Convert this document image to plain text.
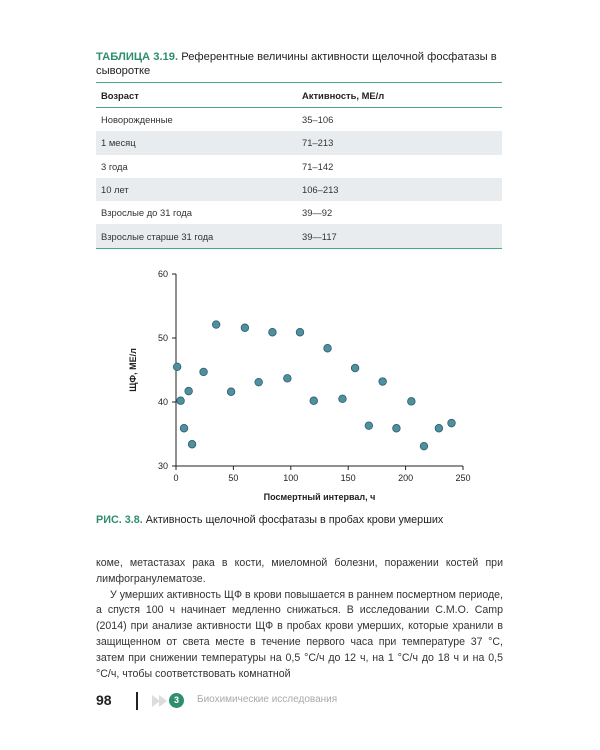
ТАБЛИЦА 3.19. Референтные величины активности щелочной фосфатазы в сыворотке
Возраст	Активность, МЕ/л
Новорожденные	35–106
1 месяц	71–213
3 года	71–142
10 лет	106–213
Взрослые до 31 года	39—92
Взрослые старше 31 года	39—117
0	50	100	150	200	250
30
40
50
60
Посмертный интервал, ч
ЩФ, МЕ/л
РИС. 3.8. Активность щелочной фосфатазы в пробах крови умерших

коме, метастазах рака в кости, миеломной болезни, поражении костей при лимфогранулематозе.

У умерших активность ЩФ в крови повышается в раннем посмертном периоде, а спустя 100 ч начинает медленно снижаться. В исследовании C.M.O. Camp (2014) при анализе активности ЩФ в пробах крови умерших, которые хранили в защищенном от света месте в течение первого часа при температуре 37 °C, затем при снижении температуры на 0,5 °C/ч до 12 ч, на 1 °C/ч до 18 ч и на 0,5 °C/ч, чтобы соответствовать комнатной

98	3	Биохимические исследования
